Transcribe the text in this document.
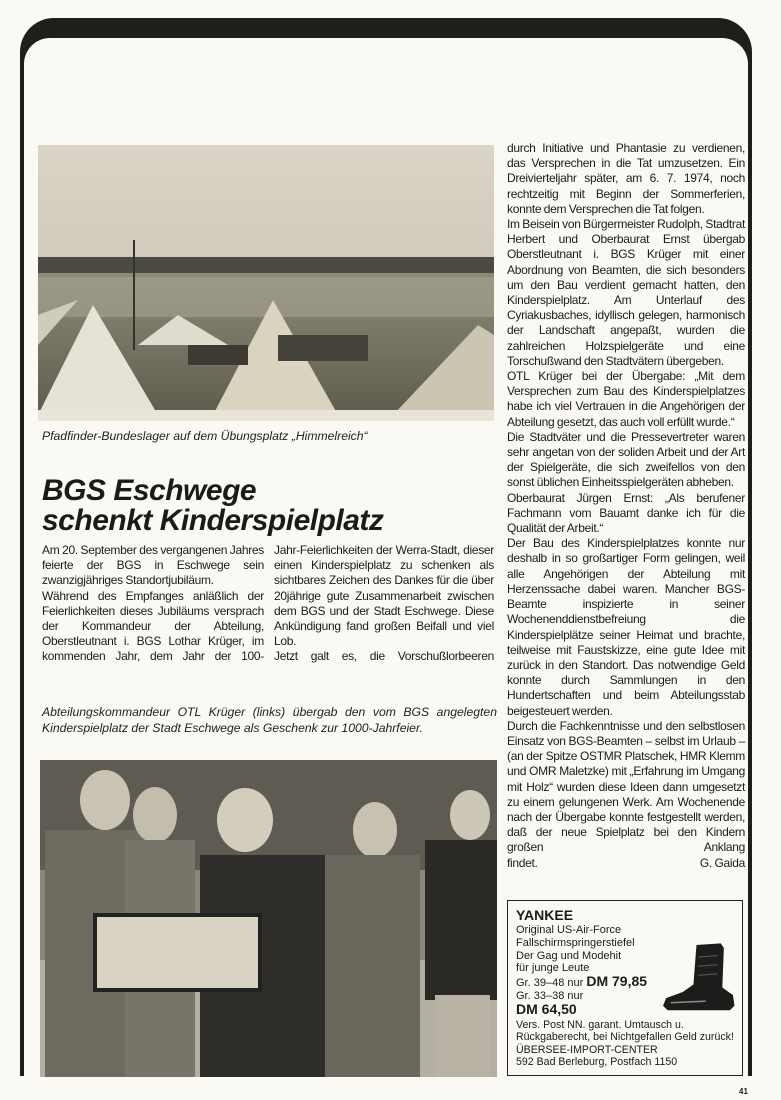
Pfadfinder-Bundeslager auf dem Übungsplatz „Himmelreich“
BGS Eschwege
schenkt Kinderspielplatz

Am 20. September des vergangenen Jahres feierte der BGS in Eschwege sein zwanzigjähriges Standortjubiläum.

Während des Empfanges anläßlich der Feierlichkeiten dieses Jubiläums versprach der Kommandeur der Abteilung, Oberstleutnant i. BGS Lothar Krüger, im kommenden Jahr, dem Jahr der 100-

Jahr-Feierlichkeiten der Werra-Stadt, dieser einen Kinderspielplatz zu schenken als sichtbares Zeichen des Dankes für die über 20jährige gute Zusammenarbeit zwischen dem BGS und der Stadt Eschwege. Diese Ankündigung fand großen Beifall und viel Lob.

Jetzt galt es, die Vorschußlorbeeren

Abteilungskommandeur OTL Krüger (links) übergab den vom BGS angelegten Kinderspielplatz der Stadt Eschwege als Geschenk zur 1000-Jahrfeier.

durch Initiative und Phantasie zu verdienen, das Versprechen in die Tat umzusetzen. Ein Dreivierteljahr später, am 6. 7. 1974, noch rechtzeitig mit Beginn der Sommerferien, konnte dem Versprechen die Tat folgen.

Im Beisein von Bürgermeister Rudolph, Stadtrat Herbert und Oberbaurat Ernst übergab Oberstleutnant i. BGS Krüger mit einer Abordnung von Beamten, die sich besonders um den Bau verdient gemacht hatten, den Kinderspielplatz. Am Unterlauf des Cyriakusbaches, idyllisch gelegen, harmonisch der Landschaft angepaßt, wurden die zahlreichen Holzspielgeräte und eine Torschußwand den Stadtvätern übergeben.

OTL Krüger bei der Übergabe: „Mit dem Versprechen zum Bau des Kinderspielplatzes habe ich viel Vertrauen in die Angehörigen der Abteilung gesetzt, das auch voll erfüllt wurde.“

Die Stadtväter und die Pressevertreter waren sehr angetan von der soliden Arbeit und der Art der Spielgeräte, die sich zweifellos von den sonst üblichen Einheitsspielgeräten abheben.

Oberbaurat Jürgen Ernst: „Als berufener Fachmann vom Bauamt danke ich für die Qualität der Arbeit.“

Der Bau des Kinderspielplatzes konnte nur deshalb in so großartiger Form gelingen, weil alle Angehörigen der Abteilung mit Herzenssache dabei waren. Mancher BGS-Beamte inspizierte in seiner Wochenenddienstbefreiung die Kinderspielplätze seiner Heimat und brachte, teilweise mit Faustskizze, eine gute Idee mit zurück in den Standort. Das notwendige Geld konnte durch Sammlungen in den Hundertschaften und beim Abteilungsstab beigesteuert werden.

Durch die Fachkenntnisse und den selbstlosen Einsatz von BGS-Beamten – selbst im Urlaub – (an der Spitze OSTMR Platschek, HMR Klemm und OMR Maletzke) mit „Erfahrung im Umgang mit Holz“ wurden diese Ideen dann umgesetzt zu einem gelungenen Werk. Am Wochenende nach der Übergabe konnte festgestellt werden, daß der neue Spielplatz bei den Kindern großen Anklang

findet.	G. Gaida
YANKEE
Original US-Air-Force
Fallschirmspringerstiefel
Der Gag und Modehit
für junge Leute
Gr. 39–48 nur DM 79,85
Gr. 33–38 nur
DM 64,50
Vers. Post NN. garant. Umtausch u. Rückgaberecht, bei Nichtgefallen Geld zurück!
ÜBERSEE-IMPORT-CENTER
592 Bad Berleburg, Postfach 1150
41
